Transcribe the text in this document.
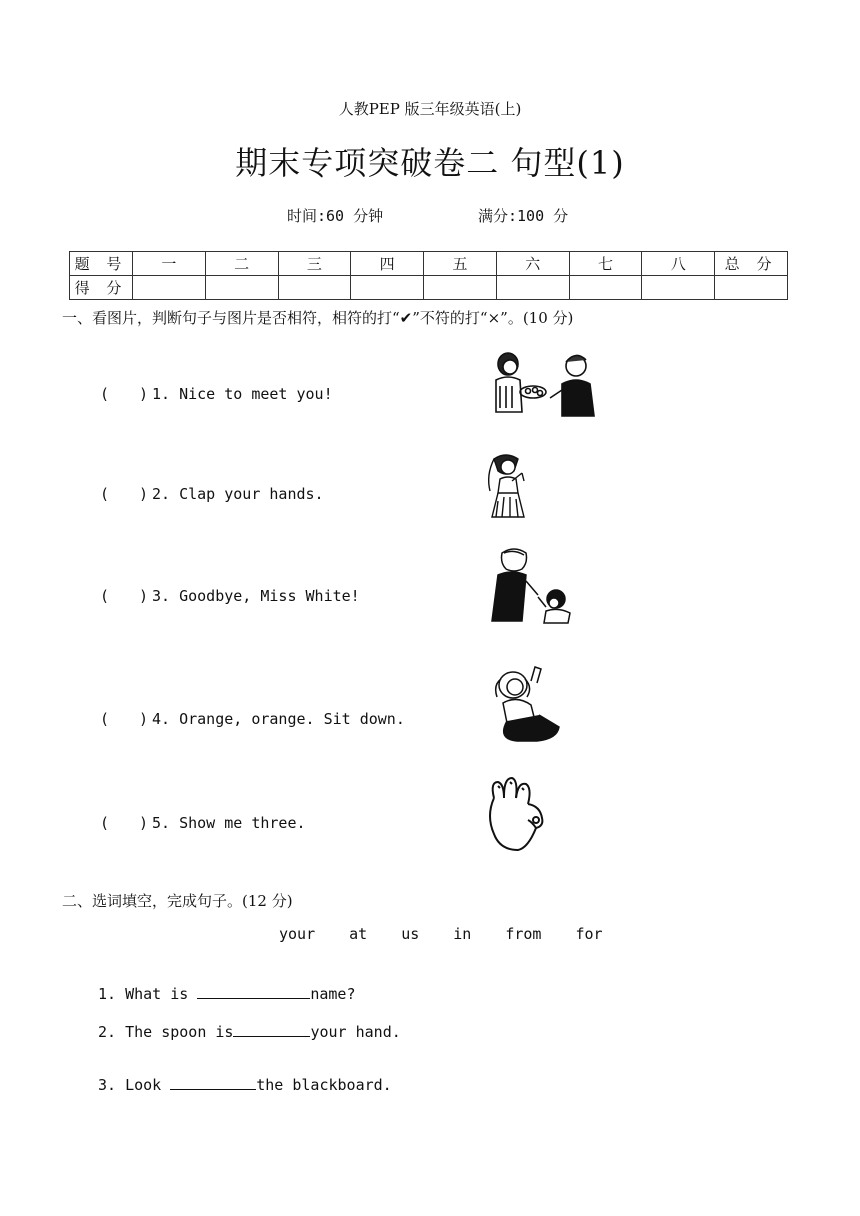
人教PEP 版三年级英语(上)
期末专项突破卷二 句型(1)
时间:60 分钟	满分:100 分
题 号	一	二	三	四	五	六	七	八	总 分
得 分									
一、看图片，判断句子与图片是否相符，相符的打“✔”不符的打“×”。(10 分)
(　　) 1. Nice to meet you!
(　　) 2. Clap your hands.
(　　) 3. Goodbye, Miss White!
(　　) 4. Orange, orange. Sit down.
(　　) 5. Show me three.
二、选词填空，完成句子。(12 分)
your at us in from for
1. What is	name?
2. The spoon is	your hand.
3. Look	the blackboard.
